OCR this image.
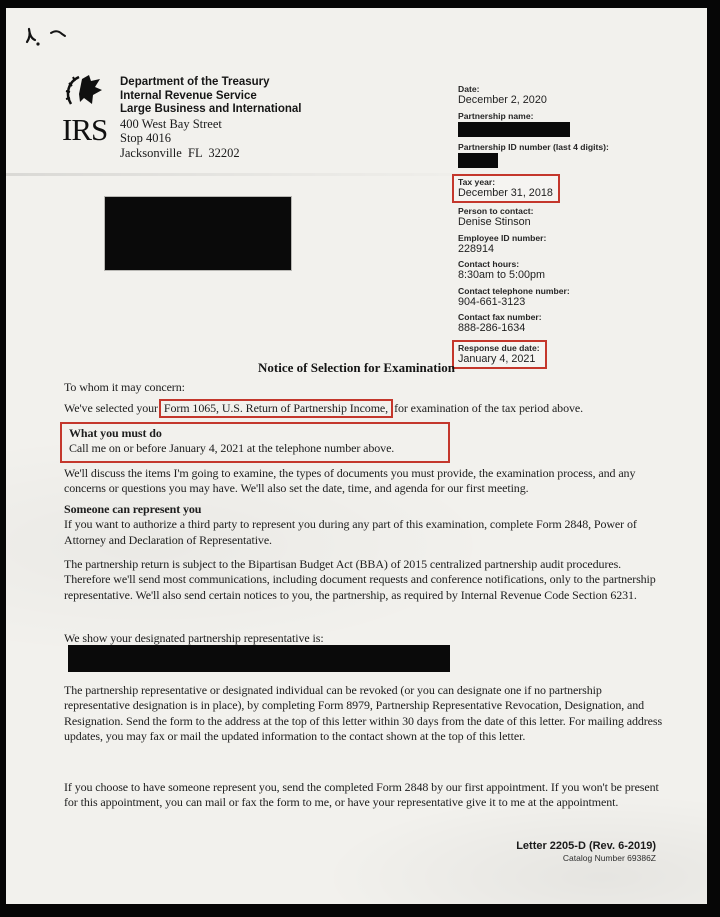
IRS
Department of the Treasury
Internal Revenue Service
Large Business and International
400 West Bay Street
Stop 4016
Jacksonville  FL  32202
Date:
December 2, 2020
Partnership name:
Partnership ID number (last 4 digits):
Tax year:
December 31, 2018
Person to contact:
Denise Stinson
Employee ID number:
228914
Contact hours:
8:30am to 5:00pm
Contact telephone number:
904-661-3123
Contact fax number:
888-286-1634
Response due date:
January 4, 2021
Notice of Selection for Examination
To whom it may concern:
We've selected your Form 1065, U.S. Return of Partnership Income, for examination of the tax period above.
What you must do
Call me on or before January 4, 2021 at the telephone number above.
We'll discuss the items I'm going to examine, the types of documents you must provide, the examination process, and any concerns or questions you may have. We'll also set the date, time, and agenda for our first meeting.
Someone can represent you
If you want to authorize a third party to represent you during any part of this examination, complete Form 2848, Power of Attorney and Declaration of Representative.
The partnership return is subject to the Bipartisan Budget Act (BBA) of 2015 centralized partnership audit procedures. Therefore we'll send most communications, including document requests and conference notifications, only to the partnership representative. We'll also send certain notices to you, the partnership, as required by Internal Revenue Code Section 6231.
We show your designated partnership representative is:
The partnership representative or designated individual can be revoked (or you can designate one if no partnership representative designation is in place), by completing Form 8979, Partnership Representative Revocation, Designation, and Resignation. Send the form to the address at the top of this letter within 30 days from the date of this letter. For mailing address updates, you may fax or mail the updated information to the contact shown at the top of this letter.
If you choose to have someone represent you, send the completed Form 2848 by our first appointment. If you won't be present for this appointment, you can mail or fax the form to me, or have your representative give it to me at the appointment.
Letter 2205-D (Rev. 6-2019)
Catalog Number 69386Z
